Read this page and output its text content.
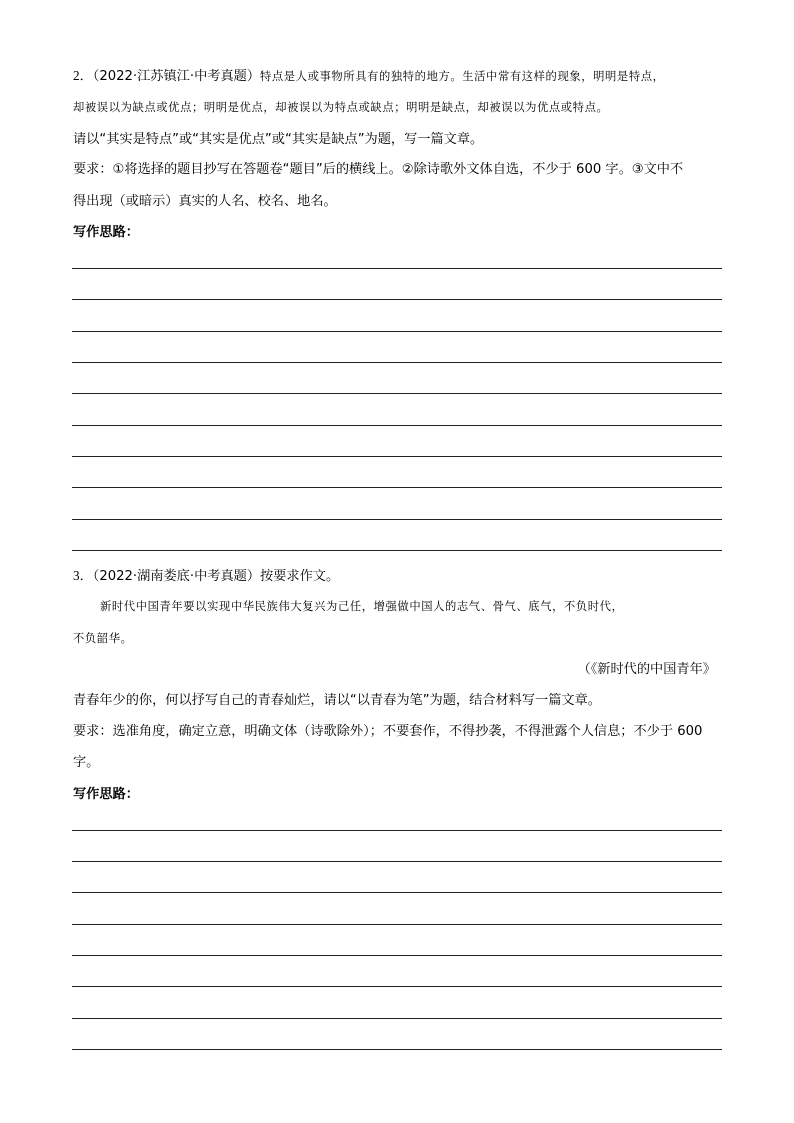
2．（2022·江苏镇江·中考真题）特点是人或事物所具有的独特的地方。生活中常有这样的现象，明明是特点，
却被误以为缺点或优点；明明是优点，却被误以为特点或缺点；明明是缺点，却被误以为优点或特点。
请以“其实是特点”或“其实是优点”或“其实是缺点”为题，写一篇文章。
要求：①将选择的题目抄写在答题卷“题目”后的横线上。②除诗歌外文体自选，不少于 600 字。③文中不
得出现（或暗示）真实的人名、校名、地名。
写作思路：
3．（2022·湖南娄底·中考真题）按要求作文。
新时代中国青年要以实现中华民族伟大复兴为己任，增强做中国人的志气、骨气、底气，不负时代，
不负韶华。
（《新时代的中国青年》
青春年少的你，何以抒写自己的青春灿烂，请以“以青春为笔”为题，结合材料写一篇文章。
要求：选准角度，确定立意，明确文体（诗歌除外）；不要套作，不得抄袭，不得泄露个人信息；不少于 600
字。
写作思路：
